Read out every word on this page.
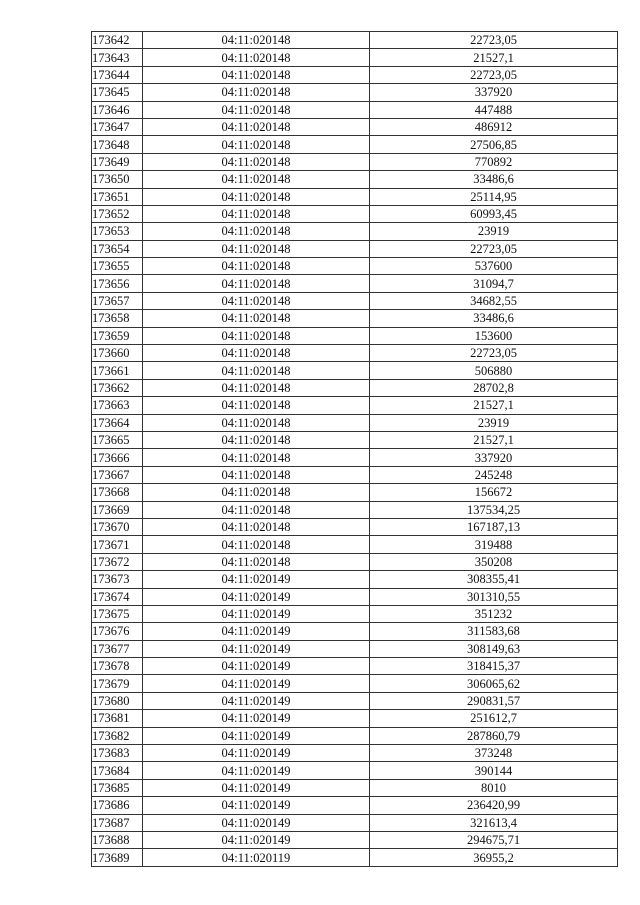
173642	04:11:020148	22723,05
173643	04:11:020148	21527,1
173644	04:11:020148	22723,05
173645	04:11:020148	337920
173646	04:11:020148	447488
173647	04:11:020148	486912
173648	04:11:020148	27506,85
173649	04:11:020148	770892
173650	04:11:020148	33486,6
173651	04:11:020148	25114,95
173652	04:11:020148	60993,45
173653	04:11:020148	23919
173654	04:11:020148	22723,05
173655	04:11:020148	537600
173656	04:11:020148	31094,7
173657	04:11:020148	34682,55
173658	04:11:020148	33486,6
173659	04:11:020148	153600
173660	04:11:020148	22723,05
173661	04:11:020148	506880
173662	04:11:020148	28702,8
173663	04:11:020148	21527,1
173664	04:11:020148	23919
173665	04:11:020148	21527,1
173666	04:11:020148	337920
173667	04:11:020148	245248
173668	04:11:020148	156672
173669	04:11:020148	137534,25
173670	04:11:020148	167187,13
173671	04:11:020148	319488
173672	04:11:020148	350208
173673	04:11:020149	308355,41
173674	04:11:020149	301310,55
173675	04:11:020149	351232
173676	04:11:020149	311583,68
173677	04:11:020149	308149,63
173678	04:11:020149	318415,37
173679	04:11:020149	306065,62
173680	04:11:020149	290831,57
173681	04:11:020149	251612,7
173682	04:11:020149	287860,79
173683	04:11:020149	373248
173684	04:11:020149	390144
173685	04:11:020149	8010
173686	04:11:020149	236420,99
173687	04:11:020149	321613,4
173688	04:11:020149	294675,71
173689	04:11:020119	36955,2
